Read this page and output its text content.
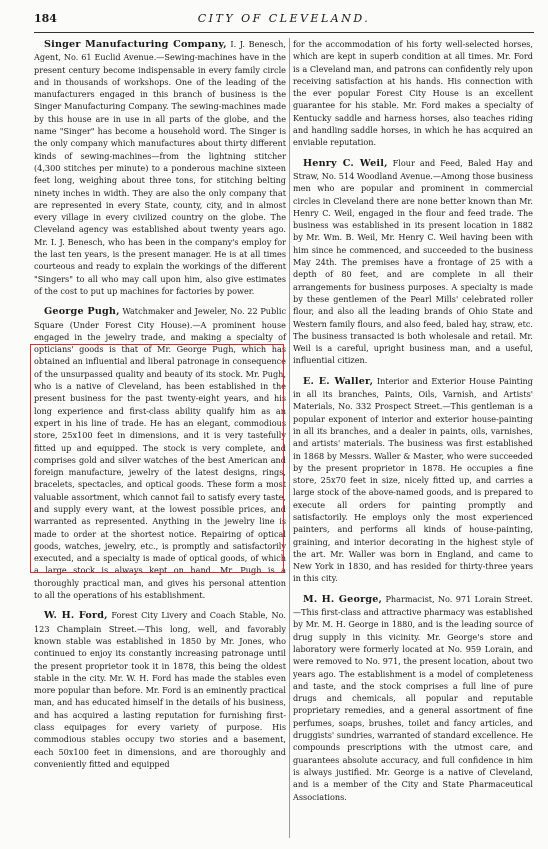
184	CITY OF CLEVELAND.

Singer Manufacturing Company, I. J. Benesch, Agent, No. 61 Euclid Avenue.—Sewing-machines have in the present century become indispensable in every family circle and in thousands of workshops. One of the leading of the manufacturers engaged in this branch of business is the Singer Manufacturing Company. The sewing-machines made by this house are in use in all parts of the globe, and the name "Singer" has become a household word. The Singer is the only company which manufactures about thirty different kinds of sewing-machines—from the lightning stitcher (4,300 stitches per minute) to a ponderous machine sixteen feet long, weighing about three tons, for stitching belting ninety inches in width. They are also the only company that are represented in every State, county, city, and in almost every village in every civilized country on the globe. The Cleveland agency was established about twenty years ago. Mr. I. J. Benesch, who has been in the company's employ for the last ten years, is the present manager. He is at all times courteous and ready to explain the workings of the different "Singers" to all who may call upon him, also give estimates of the cost to put up machines for factories by power.

George Pugh, Watchmaker and Jeweler, No. 22 Public Square (Under Forest City House).—A prominent house engaged in the jewelry trade, and making a specialty of opticians' goods is that of Mr. George Pugh, which has obtained an influential and liberal patronage in consequence of the unsurpassed quality and beauty of its stock. Mr. Pugh, who is a native of Cleveland, has been established in the present business for the past twenty-eight years, and his long experience and first-class ability qualify him as an expert in his line of trade. He has an elegant, commodious store, 25x100 feet in dimensions, and it is very tastefully fitted up and equipped. The stock is very complete, and comprises gold and silver watches of the best American and foreign manufacture, jewelry of the latest designs, rings, bracelets, spectacles, and optical goods. These form a most valuable assortment, which cannot fail to satisfy every taste, and supply every want, at the lowest possible prices, and warranted as represented. Anything in the jewelry line is made to order at the shortest notice. Repairing of optical goods, watches, jewelry, etc., is promptly and satisfactorily executed, and a specialty is made of optical goods, of which a large stock is always kept on hand. Mr. Pugh is a thoroughly practical man, and gives his personal attention to all the operations of his establishment.

W. H. Ford, Forest City Livery and Coach Stable, No. 123 Champlain Street.—This long, well, and favorably known stable was established in 1850 by Mr. Jones, who continued to enjoy its constantly increasing patronage until the present proprietor took it in 1878, this being the oldest stable in the city. Mr. W. H. Ford has made the stables even more popular than before. Mr. Ford is an eminently practical man, and has educated himself in the details of his business, and has acquired a lasting reputation for furnishing first-class equipages for every variety of purpose. His commodious stables occupy two stories and a basement, each 50x100 feet in dimensions, and are thoroughly and conveniently fitted and equipped

for the accommodation of his forty well-selected horses, which are kept in superb condition at all times. Mr. Ford is a Cleveland man, and patrons can confidently rely upon receiving satisfaction at his hands. His connection with the ever popular Forest City House is an excellent guarantee for his stable. Mr. Ford makes a specialty of Kentucky saddle and harness horses, also teaches riding and handling saddle horses, in which he has acquired an enviable reputation.

Henry C. Weil, Flour and Feed, Baled Hay and Straw, No. 514 Woodland Avenue.—Among those business men who are popular and prominent in commercial circles in Cleveland there are none better known than Mr. Henry C. Weil, engaged in the flour and feed trade. The business was established in its present location in 1882 by Mr. Wm. B. Weil, Mr. Henry C. Weil having been with him since he commenced, and succeeded to the business May 24th. The premises have a frontage of 25 with a depth of 80 feet, and are complete in all their arrangements for business purposes. A specialty is made by these gentlemen of the Pearl Mills' celebrated roller flour, and also all the leading brands of Ohio State and Western family flours, and also feed, baled hay, straw, etc. The business transacted is both wholesale and retail. Mr. Weil is a careful, upright business man, and a useful, influential citizen.

E. E. Waller, Interior and Exterior House Painting in all its branches, Paints, Oils, Varnish, and Artists' Materials, No. 332 Prospect Street.—This gentleman is a popular exponent of interior and exterior house-painting in all its branches, and a dealer in paints, oils, varnishes, and artists' materials. The business was first established in 1868 by Messrs. Waller & Master, who were succeeded by the present proprietor in 1878. He occupies a fine store, 25x70 feet in size, nicely fitted up, and carries a large stock of the above-named goods, and is prepared to execute all orders for painting promptly and satisfactorily. He employs only the most experienced painters, and performs all kinds of house-painting, graining, and interior decorating in the highest style of the art. Mr. Waller was born in England, and came to New York in 1830, and has resided for thirty-three years in this city.

M. H. George, Pharmacist, No. 971 Lorain Street.—This first-class and attractive pharmacy was established by Mr. M. H. George in 1880, and is the leading source of drug supply in this vicinity. Mr. George's store and laboratory were formerly located at No. 959 Lorain, and were removed to No. 971, the present location, about two years ago. The establishment is a model of completeness and taste, and the stock comprises a full line of pure drugs and chemicals, all popular and reputable proprietary remedies, and a general assortment of fine perfumes, soaps, brushes, toilet and fancy articles, and druggists' sundries, warranted of standard excellence. He compounds prescriptions with the utmost care, and guarantees absolute accuracy, and full confidence in him is always justified. Mr. George is a native of Cleveland, and is a member of the City and State Pharmaceutical Associations.
